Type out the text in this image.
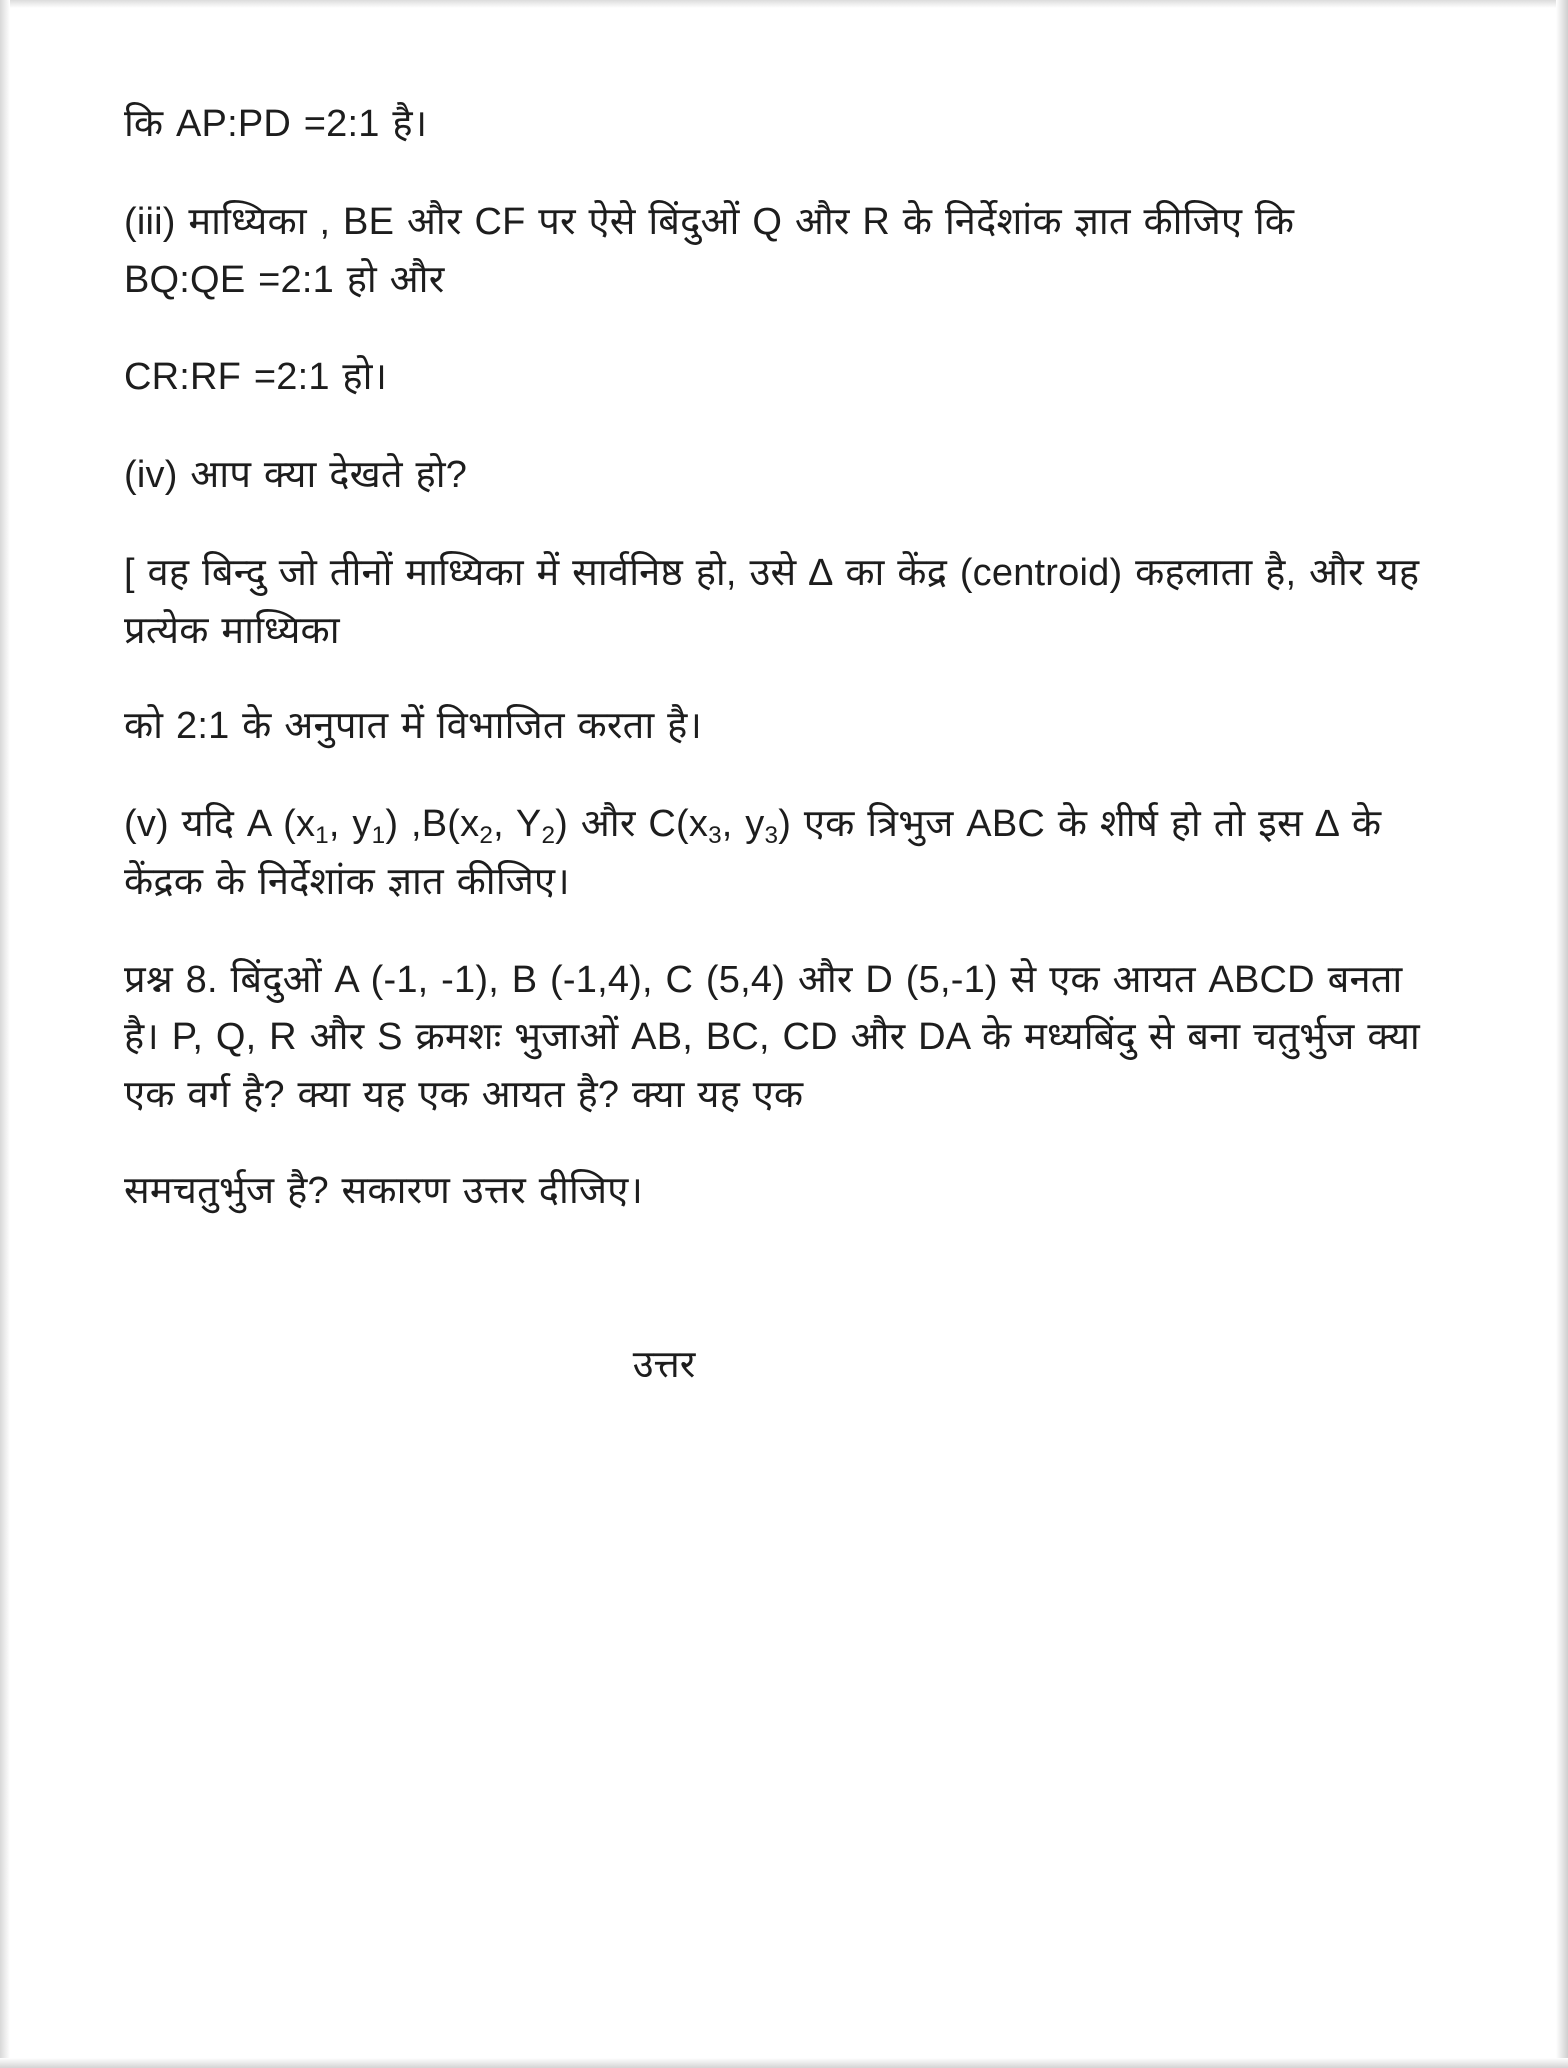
कि AP:PD =2:1 है।

(iii) माध्यिका , BE और CF पर ऐसे बिंदुओं Q और R के निर्देशांक ज्ञात कीजिए कि BQ:QE =2:1 हो और

CR:RF =2:1 हो।

(iv) आप क्या देखते हो?

[ वह बिन्दु जो तीनों माध्यिका में सार्वनिष्ठ हो, उसे ∆ का केंद्र (centroid) कहलाता है, और यह प्रत्येक माध्यिका

को 2:1 के अनुपात में विभाजित करता है।

(v) यदि A ($x_1$, $y_1$) $,B(x_2$, $Y_2$) और $C(x_3$, $y_3$) एक त्रिभुज ABC के शीर्ष हो तो इस ∆ के केंद्रक के निर्देशांक ज्ञात कीजिए।

प्रश्न 8. बिंदुओं A (-1, -1), B (-1,4), C (5,4) और D (5,-1) से एक आयत ABCD बनता है। P, Q, R और S क्रमशः भुजाओं AB, BC, CD और DA के मध्यबिंदु से बना चतुर्भुज क्या एक वर्ग है? क्या यह एक आयत है? क्या यह एक

समचतुर्भुज है? सकारण उत्तर दीजिए।

उत्तर
